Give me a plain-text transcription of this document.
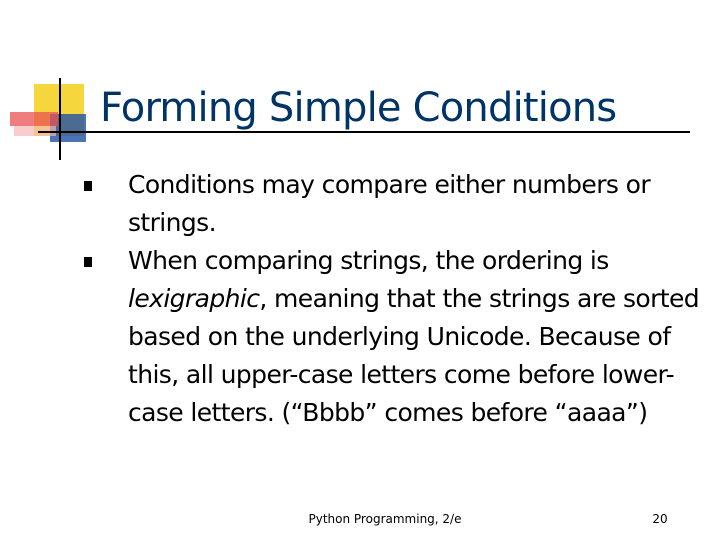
Forming Simple Conditions
Conditions may compare either numbers or strings.
When comparing strings, the ordering is lexigraphic, meaning that the strings are sorted based on the underlying Unicode. Because of this, all upper-case letters come before lower-case letters. (“Bbbb” comes before “aaaa”)
Python Programming, 2/e	20
